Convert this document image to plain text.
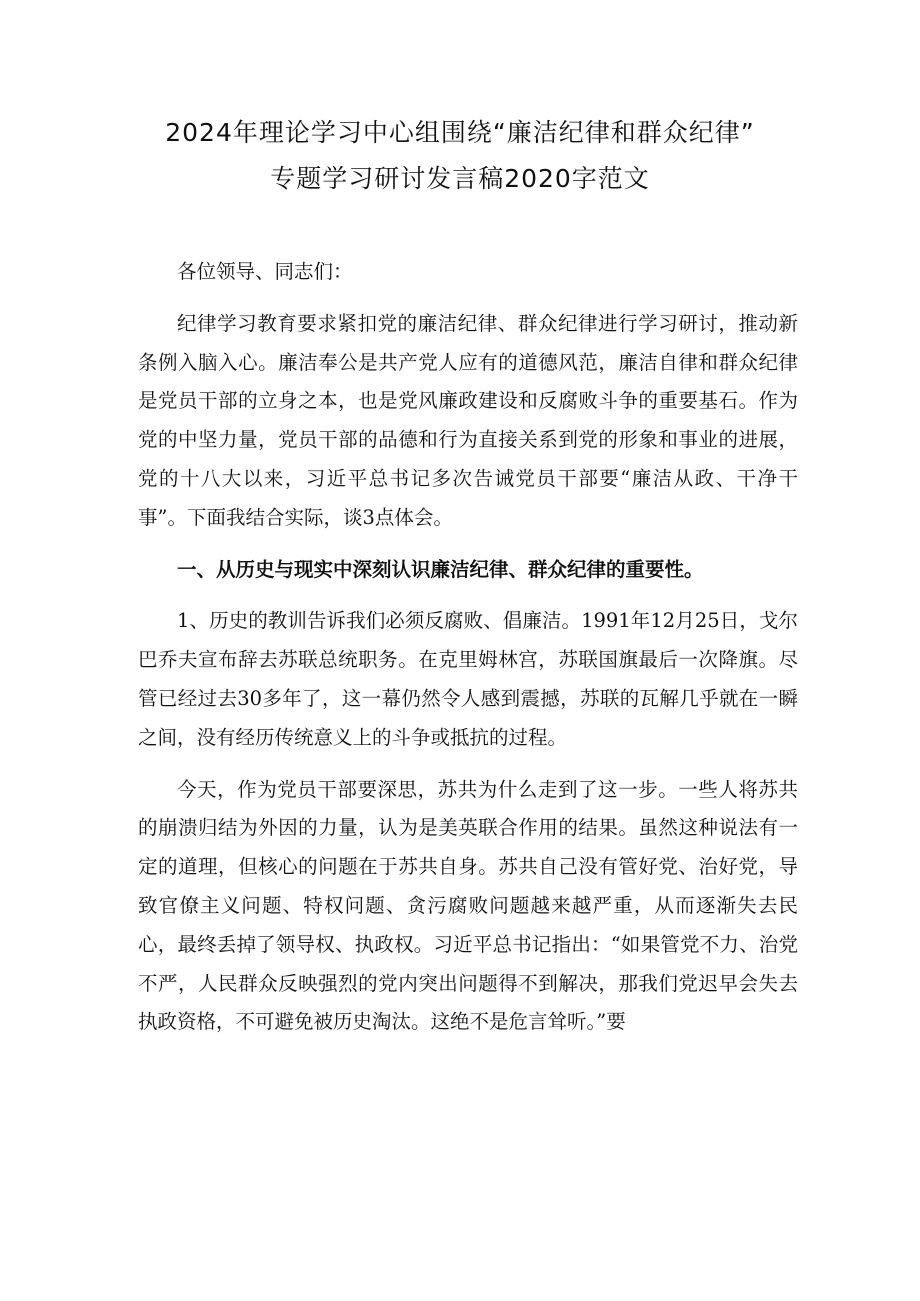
2024年理论学习中心组围绕“廉洁纪律和群众纪律”
专题学习研讨发言稿2020字范文

各位领导、同志们：

纪律学习教育要求紧扣党的廉洁纪律、群众纪律进行学习研讨，推动新条例入脑入心。廉洁奉公是共产党人应有的道德风范，廉洁自律和群众纪律是党员干部的立身之本，也是党风廉政建设和反腐败斗争的重要基石。作为党的中坚力量，党员干部的品德和行为直接关系到党的形象和事业的进展，党的十八大以来，习近平总书记多次告诫党员干部要“廉洁从政、干净干事”。下面我结合实际，谈3点体会。

一、从历史与现实中深刻认识廉洁纪律、群众纪律的重要性。

1、历史的教训告诉我们必须反腐败、倡廉洁。1991年12月25日，戈尔巴乔夫宣布辞去苏联总统职务。在克里姆林宫，苏联国旗最后一次降旗。尽管已经过去30多年了，这一幕仍然令人感到震撼，苏联的瓦解几乎就在一瞬之间，没有经历传统意义上的斗争或抵抗的过程。

今天，作为党员干部要深思，苏共为什么走到了这一步。一些人将苏共的崩溃归结为外因的力量，认为是美英联合作用的结果。虽然这种说法有一定的道理，但核心的问题在于苏共自身。苏共自己没有管好党、治好党，导致官僚主义问题、特权问题、贪污腐败问题越来越严重，从而逐渐失去民心，最终丢掉了领导权、执政权。习近平总书记指出：“如果管党不力、治党不严，人民群众反映强烈的党内突出问题得不到解决，那我们党迟早会失去执政资格，不可避免被历史淘汰。这绝不是危言耸听。”要
